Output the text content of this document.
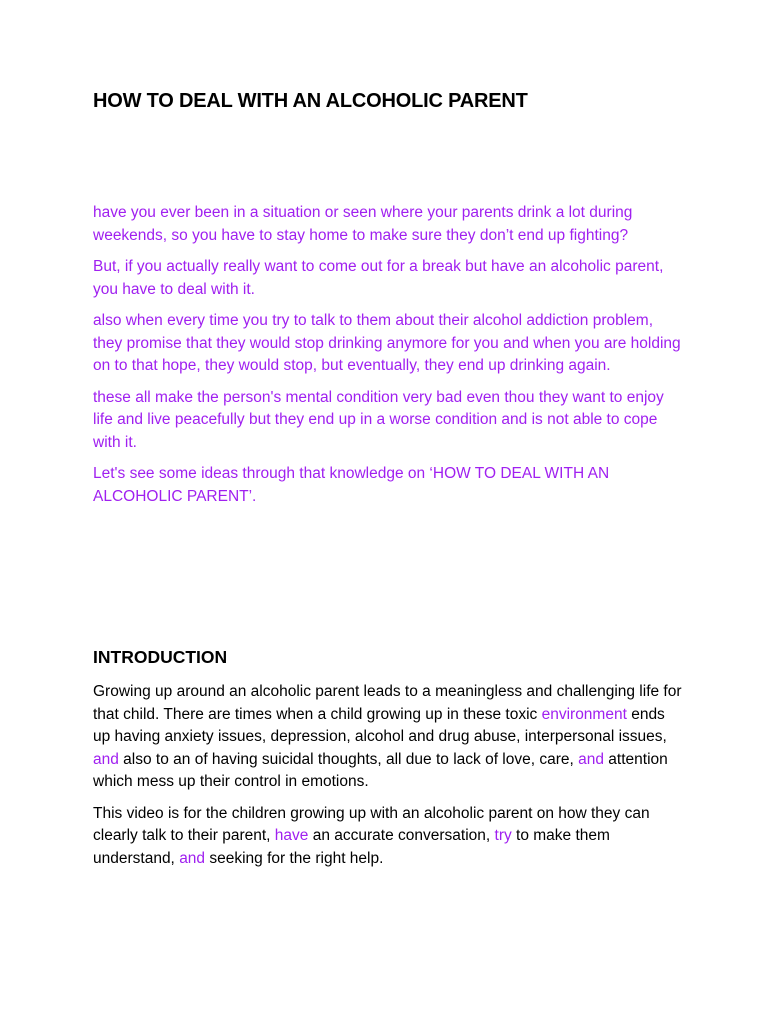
HOW TO DEAL WITH AN ALCOHOLIC PARENT

have you ever been in a situation or seen where your parents drink a lot during weekends, so you have to stay home to make sure they don’t end up fighting?

But, if you actually really want to come out for a break but have an alcoholic parent, you have to deal with it.

also when every time you try to talk to them about their alcohol addiction problem, they promise that they would stop drinking anymore for you and when you are holding on to that hope, they would stop, but eventually, they end up drinking again.

these all make the person's mental condition very bad even thou they want to enjoy life and live peacefully but they end up in a worse condition and is not able to cope with it.

Let's see some ideas through that knowledge on ‘HOW TO DEAL WITH AN ALCOHOLIC PARENT’.

INTRODUCTION

Growing up around an alcoholic parent leads to a meaningless and challenging life for that child. There are times when a child growing up in these toxic environment ends up having anxiety issues, depression, alcohol and drug abuse, interpersonal issues, and also to an of having suicidal thoughts, all due to lack of love, care, and attention which mess up their control in emotions.

This video is for the children growing up with an alcoholic parent on how they can clearly talk to their parent, have an accurate conversation, try to make them understand, and seeking for the right help.
